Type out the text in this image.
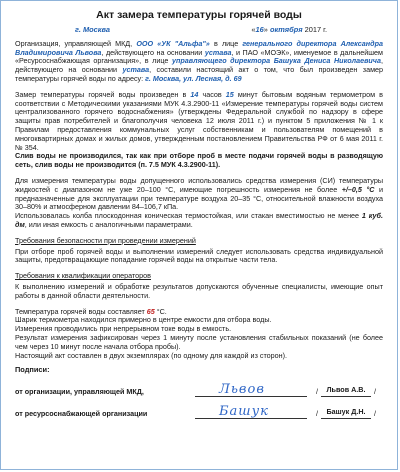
Акт замера температуры горячей воды
г. Москва	«16» октября 2017 г.

Организация, управляющей МКД, ООО «УК "Альфа"» в лице генерального директора Александра Владимировича Львова, действующего на основании устава, и ПАО «МОЭК», именуемое в дальнейшем «Ресурсоснабжающая организация», в лице управляющего директора Башука Дениса Николаевича, действующего на основании устава, составили настоящий акт о том, что был произведен замер температуры горячей воды по адресу: г. Москва, ул. Лесная, д. 69

Замер температуры горячей воды произведен в 14 часов 15 минут бытовым водяным термометром в соответствии с Методическими указаниями МУК 4.3.2900-11 «Измерение температуры горячей воды систем централизованного горячего водоснабжения» (утверждены Федеральной службой по надзору в сфере защиты прав потребителей и благополучия человека 12 июля 2011 г.) и пунктом 5 приложения № 1 к Правилам предоставления коммунальных услуг собственникам и пользователям помещений в многоквартирных домах и жилых домов, утвержденным постановлением Правительства РФ от 6 мая 2011 г. № 354.

Слив воды не производился, так как при отборе проб в месте подачи горячей воды в разводящую сеть, слив воды не производится (п. 7.5 МУК 4.3.2900-11).

Для измерения температуры воды допущенного использовались средства измерения (СИ) температуры жидкостей с диапазоном не уже 20–100 °С, имеющие погрешность измерения не более +/–0,5 °С и предназначенные для эксплуатации при температуре воздуха 20–35 °С, относительной влажности воздуха 30–80% и атмосферном давлении 84–106,7 кПа.

Использовалась колба плоскодонная коническая термостойкая, или стакан вместимостью не менее 1 куб. дм, или иная емкость с аналогичными параметрами.

Требования безопасности при проведении измерений

При отборе проб горячей воды и выполнении измерений следует использовать средства индивидуальной защиты, предотвращающие попадание горячей воды на открытые части тела.

Требования к квалификации операторов

К выполнению измерений и обработке результатов допускаются обученные специалисты, имеющие опыт работы в данной области деятельности.

Температура горячей воды составляет 65 °С.

Шарик термометра находился примерно в центре емкости для отбора воды.

Измерения проводились при непрерывном токе воды в емкость.

Результат измерения зафиксирован через 1 минуту после установления стабильных показаний (не более чем через 10 минут после начала отбора пробы).

Настоящий акт составлен в двух экземплярах (по одному для каждой из сторон).

Подписи:
от организации, управляющей МКД,	Львов	/	Львов А.В.	/
от ресурсоснабжающей организации	Башук	/	Башук Д.Н.	/
